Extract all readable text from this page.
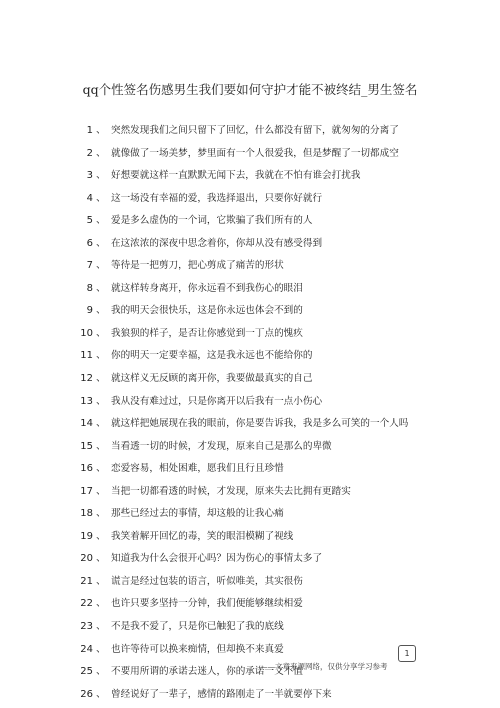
qq个性签名伤感男生我们要如何守护才能不被终结_男生签名
1 、 突然发现我们之间只留下了回忆，什么都没有留下，就匆匆的分离了
2 、 就像做了一场美梦，梦里面有一个人很爱我，但是梦醒了一切都成空
3 、 好想要就这样一直默默无闻下去，我就在不怕有谁会打扰我
4 、 这一场没有幸福的爱，我选择退出，只要你好就行
5 、 爱是多么虚伪的一个词，它欺骗了我们所有的人
6 、 在这浓浓的深夜中思念着你，你却从没有感受得到
7 、 等待是一把剪刀，把心剪成了痛苦的形状
8 、 就这样转身离开，你永远看不到我伤心的眼泪
9 、 我的明天会很快乐，这是你永远也体会不到的
10 、 我狼狈的样子，是否让你感觉到一丁点的愧疚
11 、 你的明天一定要幸福，这是我永远也不能给你的
12 、 就这样义无反顾的离开你，我要做最真实的自己
13 、 我从没有难过过，只是你离开以后我有一点小伤心
14 、 就这样把她展现在我的眼前，你是要告诉我，我是多么可笑的一个人吗
15 、 当看透一切的时候，才发现，原来自己是那么的卑微
16 、 恋爱容易，相处困难，愿我们且行且珍惜
17 、 当把一切都看透的时候，才发现，原来失去比拥有更踏实
18 、 那些已经过去的事情，却这般的让我心痛
19 、 我笑着解开回忆的毒，笑的眼泪模糊了视线
20 、 知道我为什么会很开心吗？因为伤心的事情太多了
21 、 谎言是经过包装的语言，听似唯美，其实很伤
22 、 也许只要多坚持一分钟，我们便能够继续相爱
23 、 不是我不爱了，只是你已触犯了我的底线
24 、 也许等待可以换来痴情，但却换不来真爱
25 、 不要用所谓的承诺去迷人，你的承诺一文不值
26 、 曾经说好了一辈子，感情的路刚走了一半就要停下来
1
——文章来源网络，仅供分享学习参考
